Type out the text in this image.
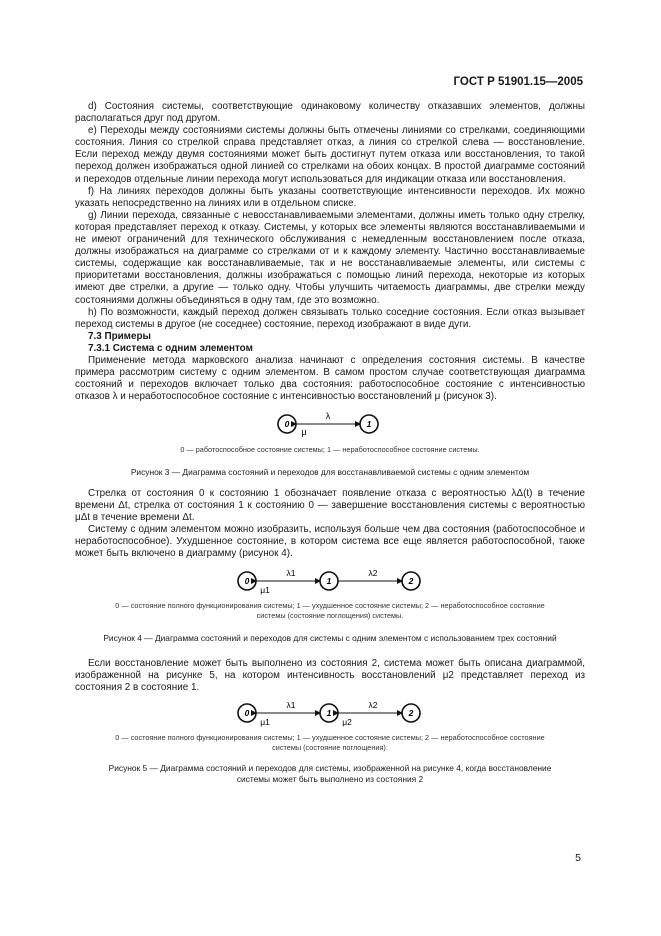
ГОСТ Р 51901.15—2005

d) Состояния системы, соответствующие одинаковому количеству отказавших элементов, должны располагаться друг под другом.

е) Переходы между состояниями системы должны быть отмечены линиями со стрелками, соединяющими состояния. Линия со стрелкой справа представляет отказ, а линия со стрелкой слева — восстановление. Если переход между двумя состояниями может быть достигнут путем отказа или восстановления, то такой переход должен изображаться одной линией со стрелками на обоих концах. В простой диаграмме состояний и переходов отдельные линии перехода могут использоваться для индикации отказа или восстановления.

f) На линиях переходов должны быть указаны соответствующие интенсивности переходов. Их можно указать непосредственно на линиях или в отдельном списке.

g) Линии перехода, связанные с невосстанавливаемыми элементами, должны иметь только одну стрелку, которая представляет переход к отказу. Системы, у которых все элементы являются восстанавливаемыми и не имеют ограничений для технического обслуживания с немедленным восстановлением после отказа, должны изображаться на диаграмме со стрелками от и к каждому элементу. Частично восстанавливаемые системы, содержащие как восстанавливаемые, так и не восстанавливаемые элементы, или системы с приоритетами восстановления, должны изображаться с помощью линий перехода, некоторые из которых имеют две стрелки, а другие — только одну. Чтобы улучшить читаемость диаграммы, две стрелки между состояниями должны объединяться в одну там, где это возможно.

h) По возможности, каждый переход должен связывать только соседние состояния. Если отказ вызывает переход системы в другое (не соседнее) состояние, переход изображают в виде дуги.

7.3 Примеры

7.3.1 Система с одним элементом

Применение метода марковского анализа начинают с определения состояния системы. В качестве примера рассмотрим систему с одним элементом. В самом простом случае соответствующая диаграмма состояний и переходов включает только два состояния: работоспособное состояние с интенсивностью отказов λ и неработоспособное состояние с интенсивностью восстановлений μ (рисунок 3).

0	1
λ
μ

0 — работоспособное состояние системы; 1 — неработоспособное состояние системы.

Рисунок 3 — Диаграмма состояний и переходов для восстанавливаемой системы с одним элементом

Стрелка от состояния 0 к состоянию 1 обозначает появление отказа с вероятностью λΔ(t) в течение времени Δt, стрелка от состояния 1 к состоянию 0 — завершение восстановления системы с вероятностью μΔt в течение времени Δt.

Систему с одним элементом можно изобразить, используя больше чем два состояния (работоспособное и неработоспособное). Ухудшенное состояние, в котором система все еще является работоспособной, также может быть включено в диаграмму (рисунок 4).

0	1	2
λ1	λ2
μ1

0 — состояние полного функционирования системы; 1 — ухудшенное состояние системы; 2 — неработоспособное состояние

системы (состояние поглощения) системы.

Рисунок 4 — Диаграмма состояний и переходов для системы с одним элементом с использованием трех состояний

Если восстановление может быть выполнено из состояния 2, система может быть описана диаграммой, изображенной на рисунке 5, на котором интенсивность восстановлений μ2 представляет переход из состояния 2 в состояние 1.

0	1	2
λ1	λ2
μ1	μ2

0 — состояние полного функционирования системы; 1 — ухудшенное состояние системы; 2 — неработоспособное состояние

системы (состояние поглощения).

Рисунок 5 — Диаграмма состояний и переходов для системы, изображенной на рисунке 4, когда восстановление

системы может быть выполнено из состояния 2

5
